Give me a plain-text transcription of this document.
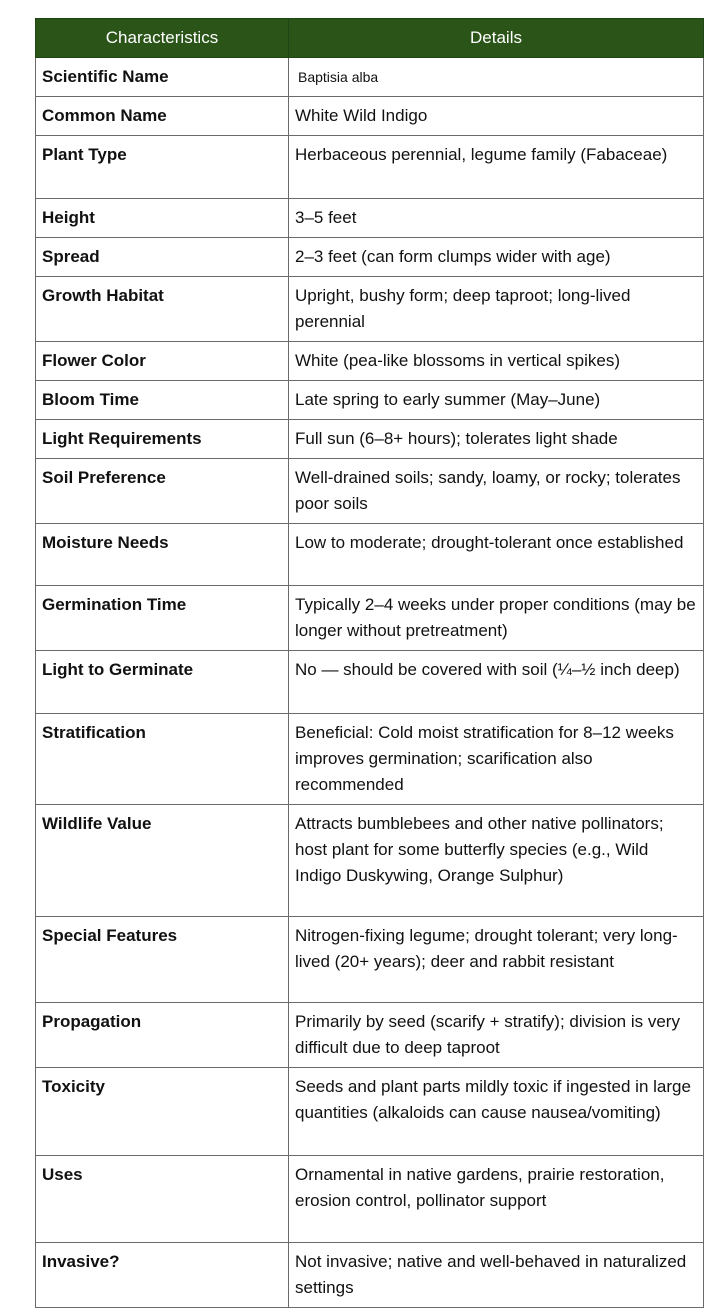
Characteristics	Details
Scientific Name	Baptisia alba
Common Name	White Wild Indigo
Plant Type	Herbaceous perennial, legume family (Fabaceae)
Height	3–5 feet
Spread	2–3 feet (can form clumps wider with age)
Growth Habitat	Upright, bushy form; deep taproot; long-lived perennial
Flower Color	White (pea-like blossoms in vertical spikes)
Bloom Time	Late spring to early summer (May–June)
Light Requirements	Full sun (6–8+ hours); tolerates light shade
Soil Preference	Well-drained soils; sandy, loamy, or rocky; tolerates poor soils
Moisture Needs	Low to moderate; drought-tolerant once established
Germination Time	Typically 2–4 weeks under proper conditions (may be longer without pretreatment)
Light to Germinate	No — should be covered with soil (¼–½ inch deep)
Stratification	Beneficial: Cold moist stratification for 8–12 weeks improves germination; scarification also recommended
Wildlife Value	Attracts bumblebees and other native pollinators; host plant for some butterfly species (e.g., Wild Indigo Duskywing, Orange Sulphur)
Special Features	Nitrogen-fixing legume; drought tolerant; very long-lived (20+ years); deer and rabbit resistant
Propagation	Primarily by seed (scarify + stratify); division is very difficult due to deep taproot
Toxicity	Seeds and plant parts mildly toxic if ingested in large quantities (alkaloids can cause nausea/vomiting)
Uses	Ornamental in native gardens, prairie restoration, erosion control, pollinator support
Invasive?	Not invasive; native and well-behaved in naturalized settings
